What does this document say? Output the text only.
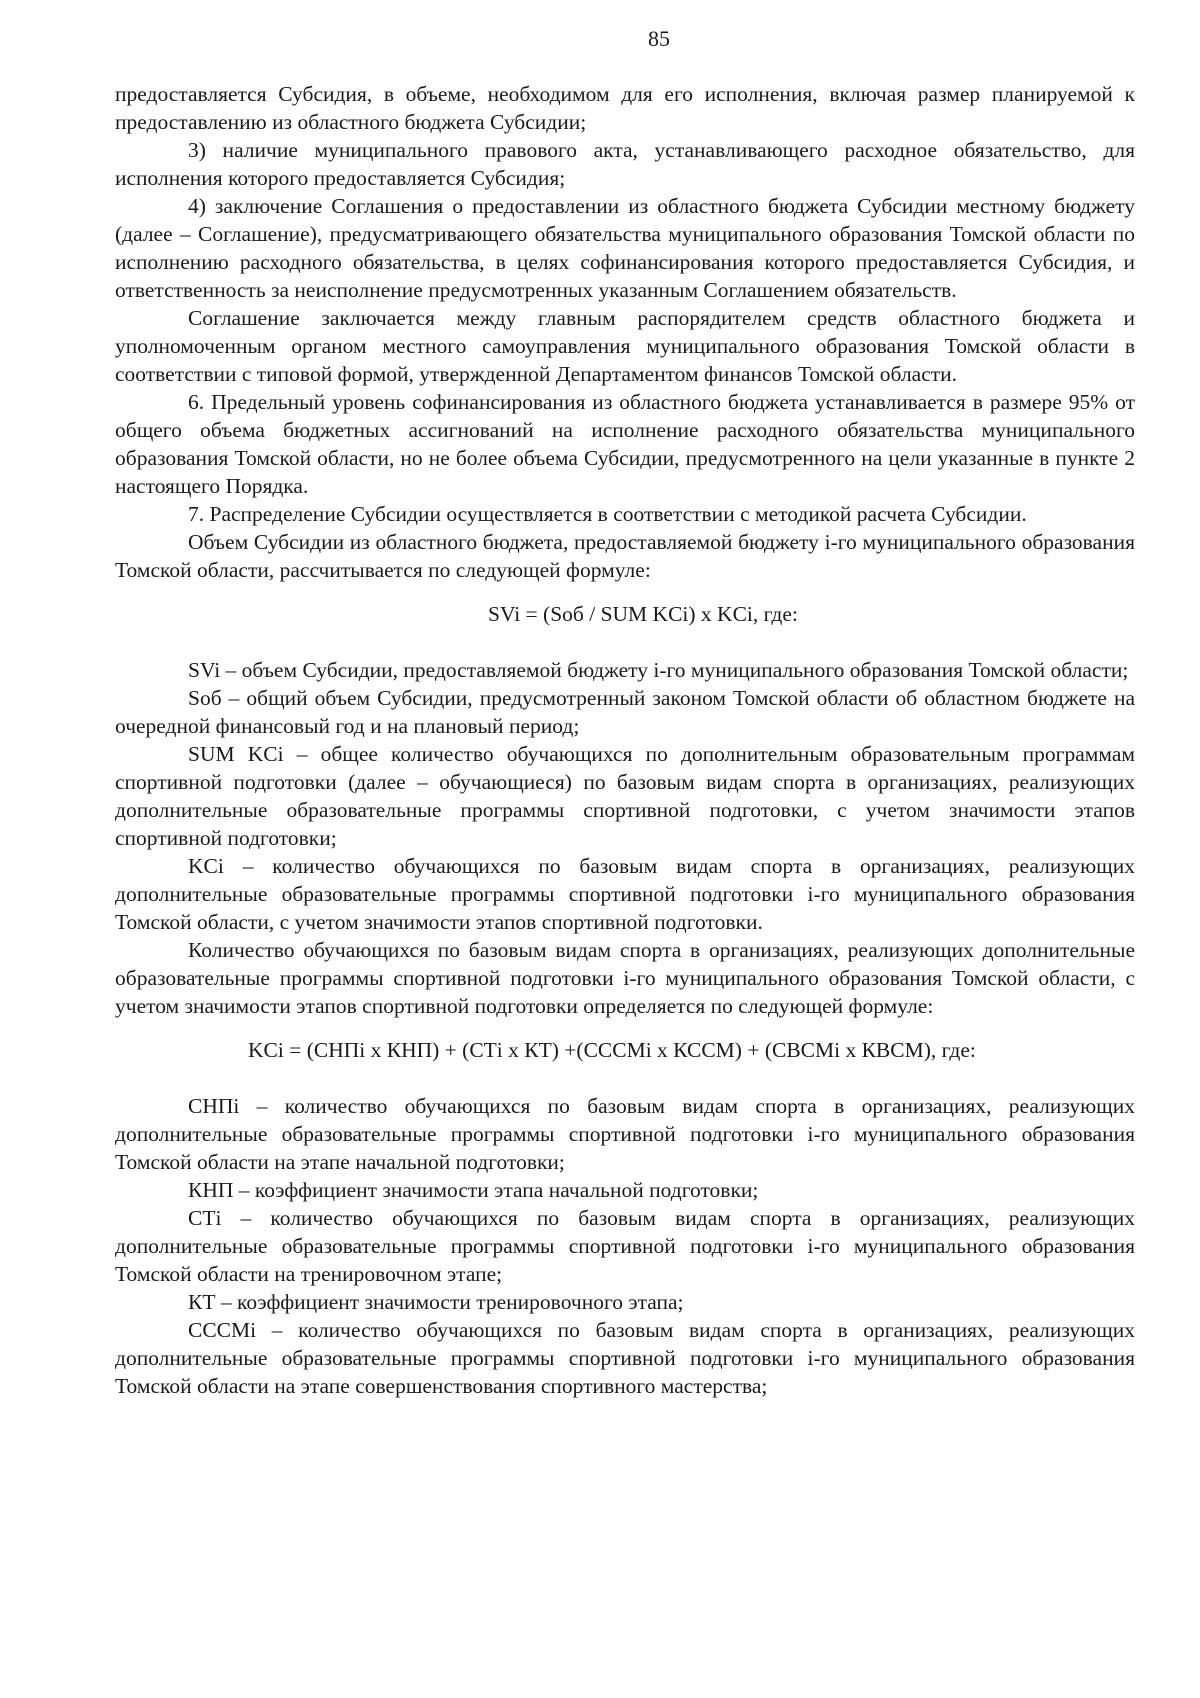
85

предоставляется Субсидия, в объеме, необходимом для его исполнения, включая размер планируемой к предоставлению из областного бюджета Субсидии;

3) наличие муниципального правового акта, устанавливающего расходное обязательство, для исполнения которого предоставляется Субсидия;

4) заключение Соглашения о предоставлении из областного бюджета Субсидии местному бюджету (далее – Соглашение), предусматривающего обязательства муниципального образования Томской области по исполнению расходного обязательства, в целях софинансирования которого предоставляется Субсидия, и ответственность за неисполнение предусмотренных указанным Соглашением обязательств.

Соглашение заключается между главным распорядителем средств областного бюджета и уполномоченным органом местного самоуправления муниципального образования Томской области в соответствии с типовой формой, утвержденной Департаментом финансов Томской области.

6. Предельный уровень софинансирования из областного бюджета устанавливается в размере 95% от общего объема бюджетных ассигнований на исполнение расходного обязательства муниципального образования Томской области, но не более объема Субсидии, предусмотренного на цели указанные в пункте 2 настоящего Порядка.

7. Распределение Субсидии осуществляется в соответствии с методикой расчета Субсидии.

Объем Субсидии из областного бюджета, предоставляемой бюджету i-го муниципального образования Томской области, рассчитывается по следующей формуле:

SVi = (Sоб / SUM KCi) x KCi, где:

SVi – объем Субсидии, предоставляемой бюджету i-го муниципального образования Томской области;

Sоб – общий объем Субсидии, предусмотренный законом Томской области об областном бюджете на очередной финансовый год и на плановый период;

SUM KCi – общее количество обучающихся по дополнительным образовательным программам спортивной подготовки (далее – обучающиеся) по базовым видам спорта в организациях, реализующих дополнительные образовательные программы спортивной подготовки, с учетом значимости этапов спортивной подготовки;

KCi – количество обучающихся по базовым видам спорта в организациях, реализующих дополнительные образовательные программы спортивной подготовки i-го муниципального образования Томской области, с учетом значимости этапов спортивной подготовки.

Количество обучающихся по базовым видам спорта в организациях, реализующих дополнительные образовательные программы спортивной подготовки i-го муниципального образования Томской области, с учетом значимости этапов спортивной подготовки определяется по следующей формуле:

KCi = (СНПi x КНП) + (СТi x КТ) +(СССМi x КССМ) + (СВСМi x КВСМ), где:

СНПi – количество обучающихся по базовым видам спорта в организациях, реализующих дополнительные образовательные программы спортивной подготовки i-го муниципального образования Томской области на этапе начальной подготовки;

КНП – коэффициент значимости этапа начальной подготовки;

СТi – количество обучающихся по базовым видам спорта в организациях, реализующих дополнительные образовательные программы спортивной подготовки i-го муниципального образования Томской области на тренировочном этапе;

КТ – коэффициент значимости тренировочного этапа;

СССМi – количество обучающихся по базовым видам спорта в организациях, реализующих дополнительные образовательные программы спортивной подготовки i-го муниципального образования Томской области на этапе совершенствования спортивного мастерства;
